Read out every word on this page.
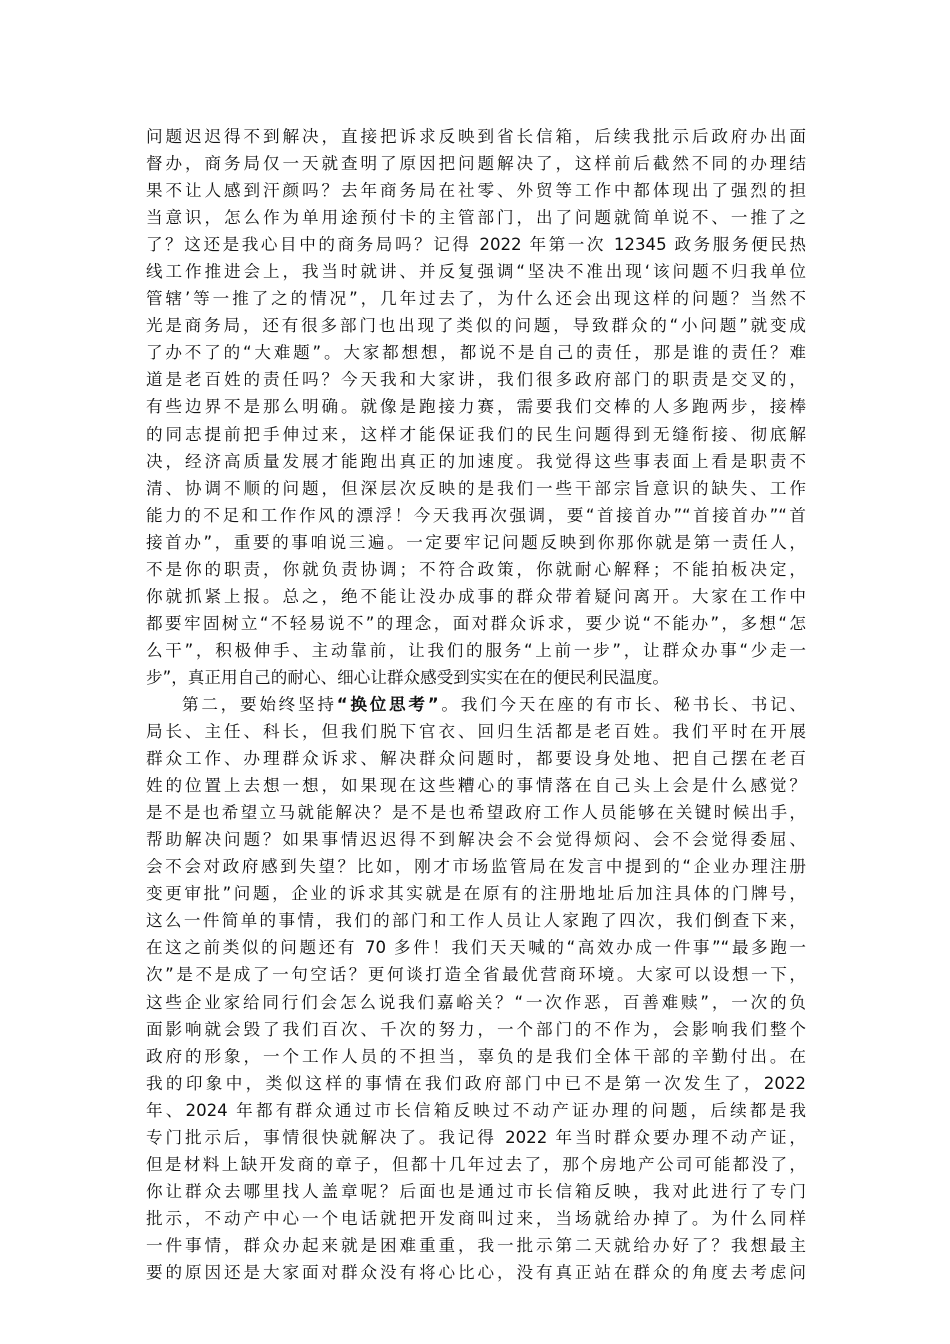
问题迟迟得不到解决，直接把诉求反映到省长信箱，后续我批示后政府办出面
督办，商务局仅一天就查明了原因把问题解决了，这样前后截然不同的办理结
果不让人感到汗颜吗？去年商务局在社零、外贸等工作中都体现出了强烈的担
当意识，怎么作为单用途预付卡的主管部门，出了问题就简单说不、一推了之
了？这还是我心目中的商务局吗？记得 2022 年第一次 12345 政务服务便民热
线工作推进会上，我当时就讲、并反复强调“坚决不准出现‘该问题不归我单位
管辖’等一推了之的情况”，几年过去了，为什么还会出现这样的问题？当然不
光是商务局，还有很多部门也出现了类似的问题，导致群众的“小问题”就变成
了办不了的“大难题”。大家都想想，都说不是自己的责任，那是谁的责任？难
道是老百姓的责任吗？今天我和大家讲，我们很多政府部门的职责是交叉的，
有些边界不是那么明确。就像是跑接力赛，需要我们交棒的人多跑两步，接棒
的同志提前把手伸过来，这样才能保证我们的民生问题得到无缝衔接、彻底解
决，经济高质量发展才能跑出真正的加速度。我觉得这些事表面上看是职责不
清、协调不顺的问题，但深层次反映的是我们一些干部宗旨意识的缺失、工作
能力的不足和工作作风的漂浮！今天我再次强调，要“首接首办”“首接首办”“首
接首办”，重要的事咱说三遍。一定要牢记问题反映到你那你就是第一责任人，
不是你的职责，你就负责协调；不符合政策，你就耐心解释；不能拍板决定，
你就抓紧上报。总之，绝不能让没办成事的群众带着疑问离开。大家在工作中
都要牢固树立“不轻易说不”的理念，面对群众诉求，要少说“不能办”，多想“怎
么干”，积极伸手、主动靠前，让我们的服务“上前一步”，让群众办事“少走一
步”，真正用自己的耐心、细心让群众感受到实实在在的便民利民温度。
第二，要始终坚持“换位思考”。我们今天在座的有市长、秘书长、书记、
局长、主任、科长，但我们脱下官衣、回归生活都是老百姓。我们平时在开展
群众工作、办理群众诉求、解决群众问题时，都要设身处地、把自己摆在老百
姓的位置上去想一想，如果现在这些糟心的事情落在自己头上会是什么感觉？
是不是也希望立马就能解决？是不是也希望政府工作人员能够在关键时候出手，
帮助解决问题？如果事情迟迟得不到解决会不会觉得烦闷、会不会觉得委屈、
会不会对政府感到失望？比如，刚才市场监管局在发言中提到的“企业办理注册
变更审批”问题，企业的诉求其实就是在原有的注册地址后加注具体的门牌号，
这么一件简单的事情，我们的部门和工作人员让人家跑了四次，我们倒查下来，
在这之前类似的问题还有 70 多件！我们天天喊的“高效办成一件事”“最多跑一
次”是不是成了一句空话？更何谈打造全省最优营商环境。大家可以设想一下，
这些企业家给同行们会怎么说我们嘉峪关？“一次作恶，百善难赎”，一次的负
面影响就会毁了我们百次、千次的努力，一个部门的不作为，会影响我们整个
政府的形象，一个工作人员的不担当，辜负的是我们全体干部的辛勤付出。在
我的印象中，类似这样的事情在我们政府部门中已不是第一次发生了，2022
年、2024 年都有群众通过市长信箱反映过不动产证办理的问题，后续都是我
专门批示后，事情很快就解决了。我记得 2022 年当时群众要办理不动产证，
但是材料上缺开发商的章子，但都十几年过去了，那个房地产公司可能都没了，
你让群众去哪里找人盖章呢？后面也是通过市长信箱反映，我对此进行了专门
批示，不动产中心一个电话就把开发商叫过来，当场就给办掉了。为什么同样
一件事情，群众办起来就是困难重重，我一批示第二天就给办好了？我想最主
要的原因还是大家面对群众没有将心比心，没有真正站在群众的角度去考虑问
